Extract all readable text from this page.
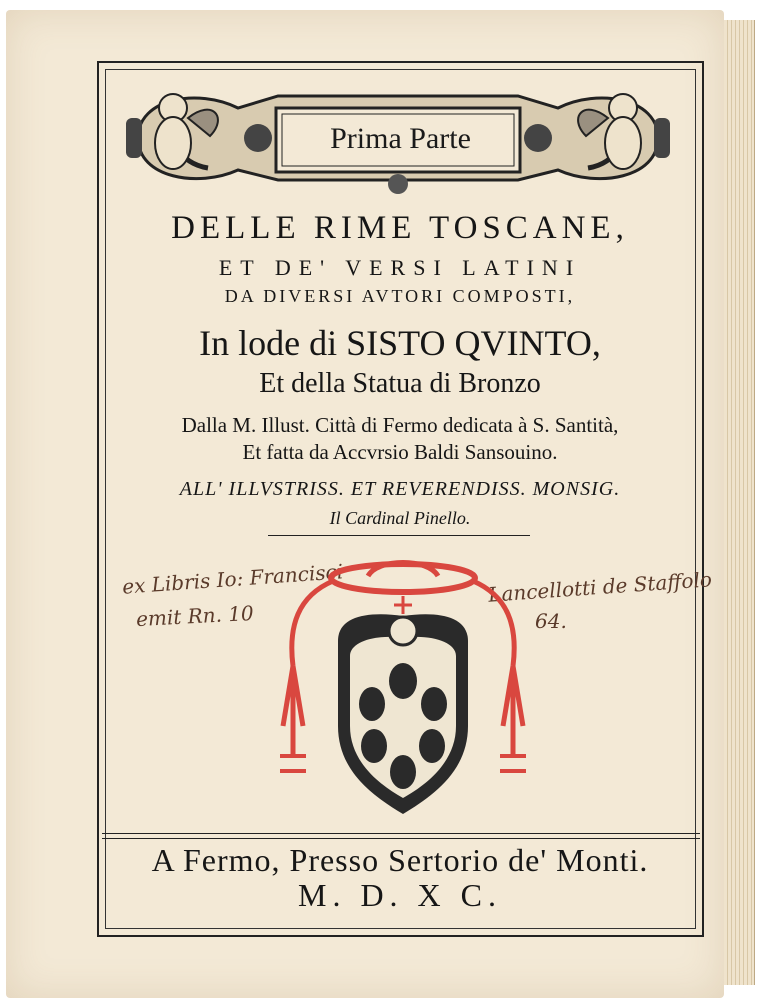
Prima Parte
DELLE RIME TOSCANE,
ET DE' VERSI LATINI
DA DIVERSI AVTORI COMPOSTI,
In lode di SISTO QVINTO,
Et della Statua di Bronzo
Dalla M. Illust. Città di Fermo dedicata à S. Santità,
Et fatta da Accvrsio Baldi Sansouino.
ALL' ILLVSTRISS. ET REVERENDISS. MONSIG.
Il Cardinal Pinello.
ex Libris Io: Francisci
emit Rn. 10
Lancellotti de Staffolo
64.
A Fermo, Presso Sertorio de' Monti.
M. D. X C.
